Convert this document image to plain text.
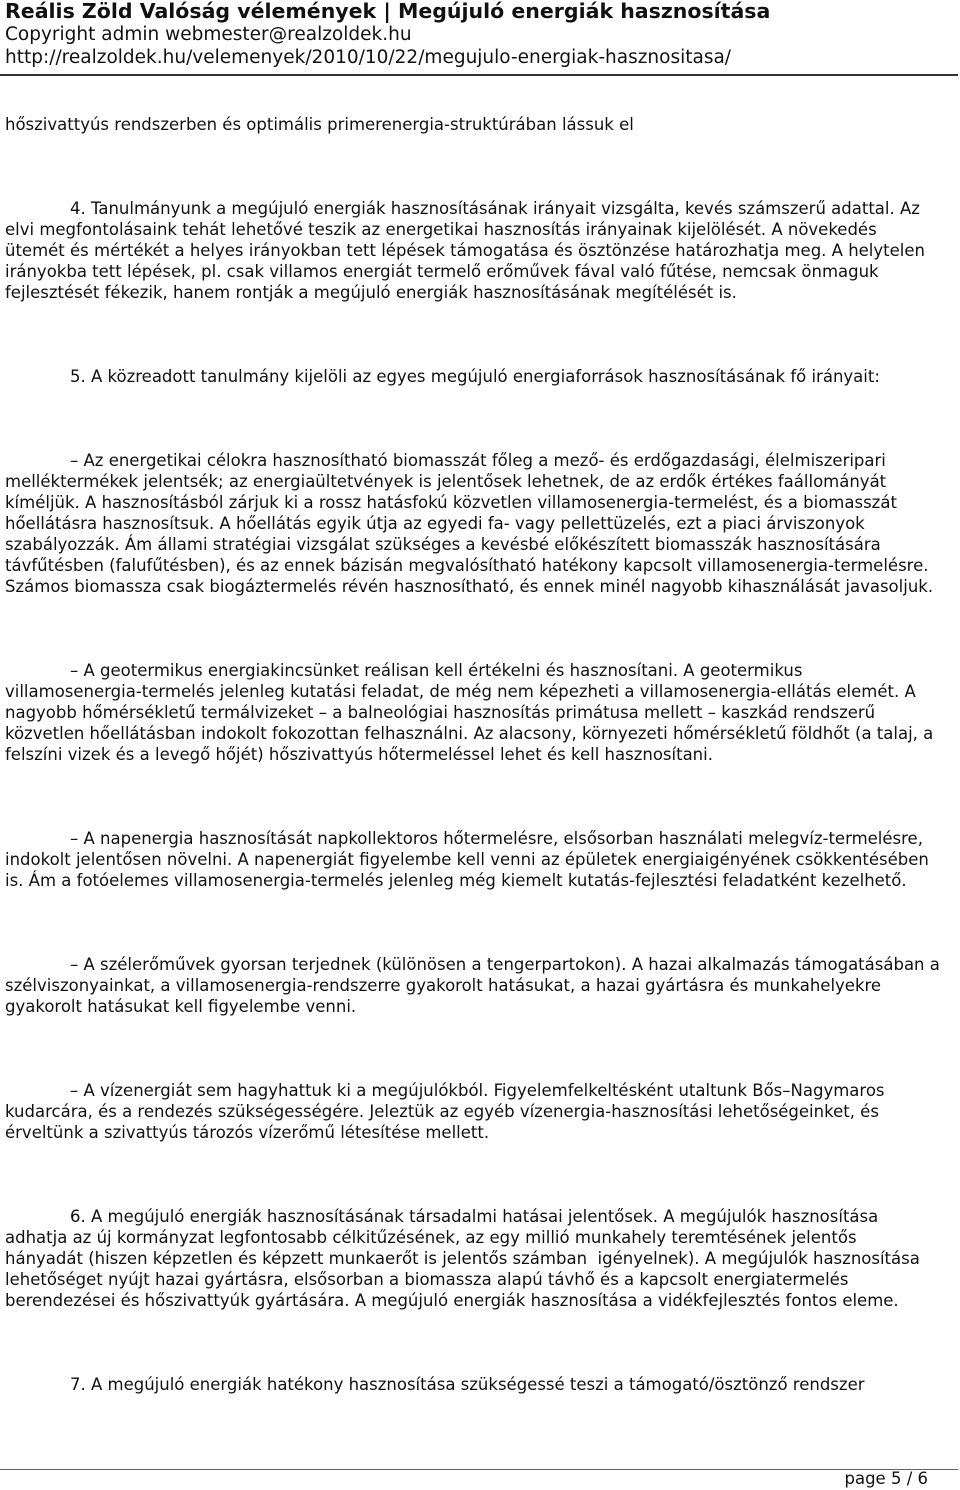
Reális Zöld Valóság vélemények | Megújuló energiák hasznosítása
Copyright admin webmester@realzoldek.hu
http://realzoldek.hu/velemenyek/2010/10/22/megujulo-energiak-hasznositasa/
hőszivattyús rendszerben és optimális primerenergia-struktúrában lássuk el
4. Tanulmányunk a megújuló energiák hasznosításának irányait vizsgálta, kevés számszerű adattal. Az
elvi megfontolásaink tehát lehetővé teszik az energetikai hasznosítás irányainak kijelölését. A növekedés
ütemét és mértékét a helyes irányokban tett lépések támogatása és ösztönzése határozhatja meg. A helytelen
irányokba tett lépések, pl. csak villamos energiát termelő erőművek fával való fűtése, nemcsak önmaguk
fejlesztését fékezik, hanem rontják a megújuló energiák hasznosításának megítélését is.
5. A közreadott tanulmány kijelöli az egyes megújuló energiaforrások hasznosításának fő irányait:
– Az energetikai célokra hasznosítható biomasszát főleg a mező- és erdőgazdasági, élelmiszeripari
melléktermékek jelentsék; az energiaültetvények is jelentősek lehetnek, de az erdők értékes faállományát
kíméljük. A hasznosításból zárjuk ki a rossz hatásfokú közvetlen villamosenergia-termelést, és a biomasszát
hőellátásra hasznosítsuk. A hőellátás egyik útja az egyedi fa- vagy pellettüzelés, ezt a piaci árviszonyok
szabályozzák. Ám állami stratégiai vizsgálat szükséges a kevésbé előkészített biomasszák hasznosítására
távfűtésben (falufűtésben), és az ennek bázisán megvalósítható hatékony kapcsolt villamosenergia-termelésre.
Számos biomassza csak biogáztermelés révén hasznosítható, és ennek minél nagyobb kihasználását javasoljuk.
– A geotermikus energiakincsünket reálisan kell értékelni és hasznosítani. A geotermikus
villamosenergia-termelés jelenleg kutatási feladat, de még nem képezheti a villamosenergia-ellátás elemét. A
nagyobb hőmérsékletű termálvizeket – a balneológiai hasznosítás primátusa mellett – kaszkád rendszerű
közvetlen hőellátásban indokolt fokozottan felhasználni. Az alacsony, környezeti hőmérsékletű földhőt (a talaj, a
felszíni vizek és a levegő hőjét) hőszivattyús hőtermeléssel lehet és kell hasznosítani.
– A napenergia hasznosítását napkollektoros hőtermelésre, elsősorban használati melegvíz-termelésre,
indokolt jelentősen növelni. A napenergiát figyelembe kell venni az épületek energiaigényének csökkentésében
is. Ám a fotóelemes villamosenergia-termelés jelenleg még kiemelt kutatás-fejlesztési feladatként kezelhető.
– A szélerőművek gyorsan terjednek (különösen a tengerpartokon). A hazai alkalmazás támogatásában a
szélviszonyainkat, a villamosenergia-rendszerre gyakorolt hatásukat, a hazai gyártásra és munkahelyekre
gyakorolt hatásukat kell figyelembe venni.
– A vízenergiát sem hagyhattuk ki a megújulókból. Figyelemfelkeltésként utaltunk Bős–Nagymaros
kudarcára, és a rendezés szükségességére. Jeleztük az egyéb vízenergia-hasznosítási lehetőségeinket, és
érveltünk a szivattyús tározós vízerőmű létesítése mellett.
6. A megújuló energiák hasznosításának társadalmi hatásai jelentősek. A megújulók hasznosítása
adhatja az új kormányzat legfontosabb célkitűzésének, az egy millió munkahely teremtésének jelentős
hányadát (hiszen képzetlen és képzett munkaerőt is jelentős számban  igényelnek). A megújulók hasznosítása
lehetőséget nyújt hazai gyártásra, elsősorban a biomassza alapú távhő és a kapcsolt energiatermelés
berendezései és hőszivattyúk gyártására. A megújuló energiák hasznosítása a vidékfejlesztés fontos eleme.
7. A megújuló energiák hatékony hasznosítása szükségessé teszi a támogató/ösztönző rendszer
page 5 / 6
